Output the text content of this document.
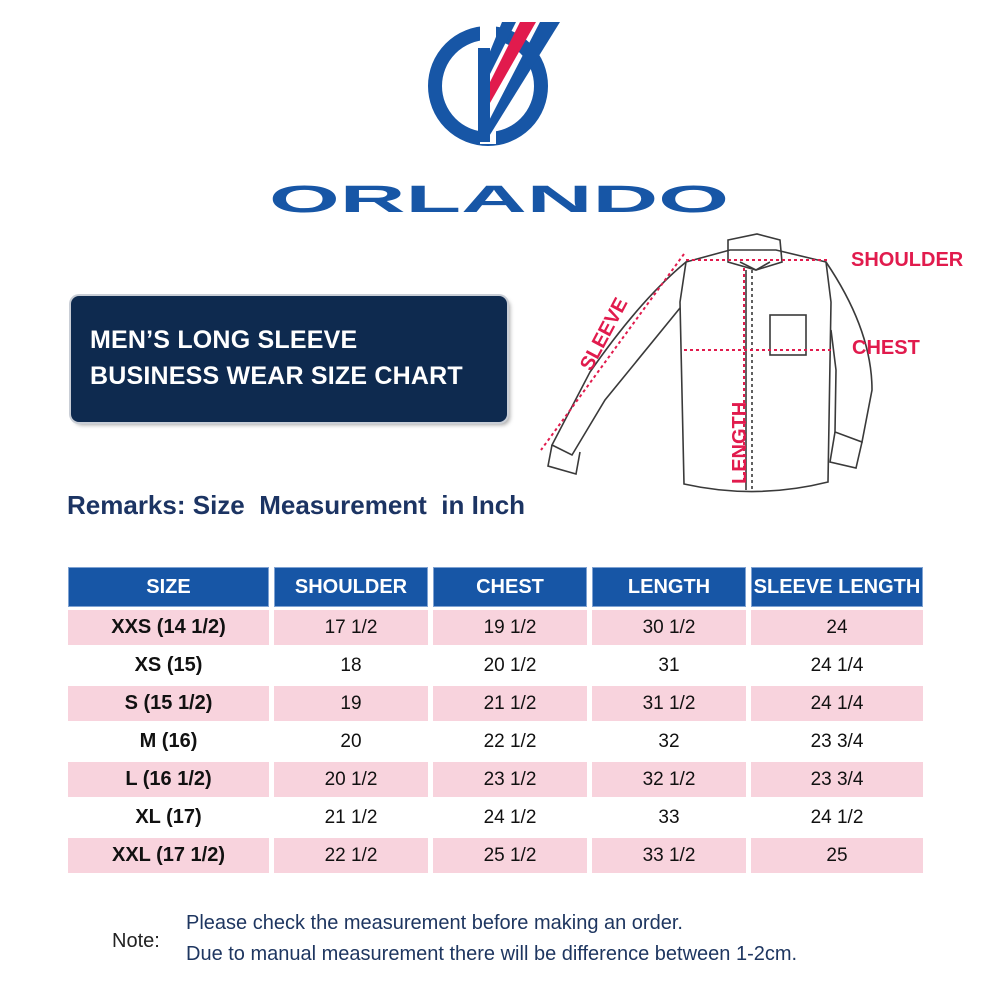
ORLANDO
MEN’S LONG SLEEVE
BUSINESS WEAR SIZE CHART
SHOULDER
CHEST
SLEEVE
LENGTH
Remarks: Size  Measurement  in Inch
SIZE	SHOULDER	CHEST	LENGTH	SLEEVE LENGTH
XXS (14 1/2)	17 1/2	19 1/2	30 1/2	24
XS (15)	18	20 1/2	31	24 1/4
S (15 1/2)	19	21 1/2	31 1/2	24 1/4
M (16)	20	22 1/2	32	23 3/4
L (16 1/2)	20 1/2	23 1/2	32 1/2	23 3/4
XL (17)	21 1/2	24 1/2	33	24 1/2
XXL (17 1/2)	22 1/2	25 1/2	33 1/2	25
Note:
Please check the measurement before making an order.
Due to manual measurement there will be difference between 1-2cm.
